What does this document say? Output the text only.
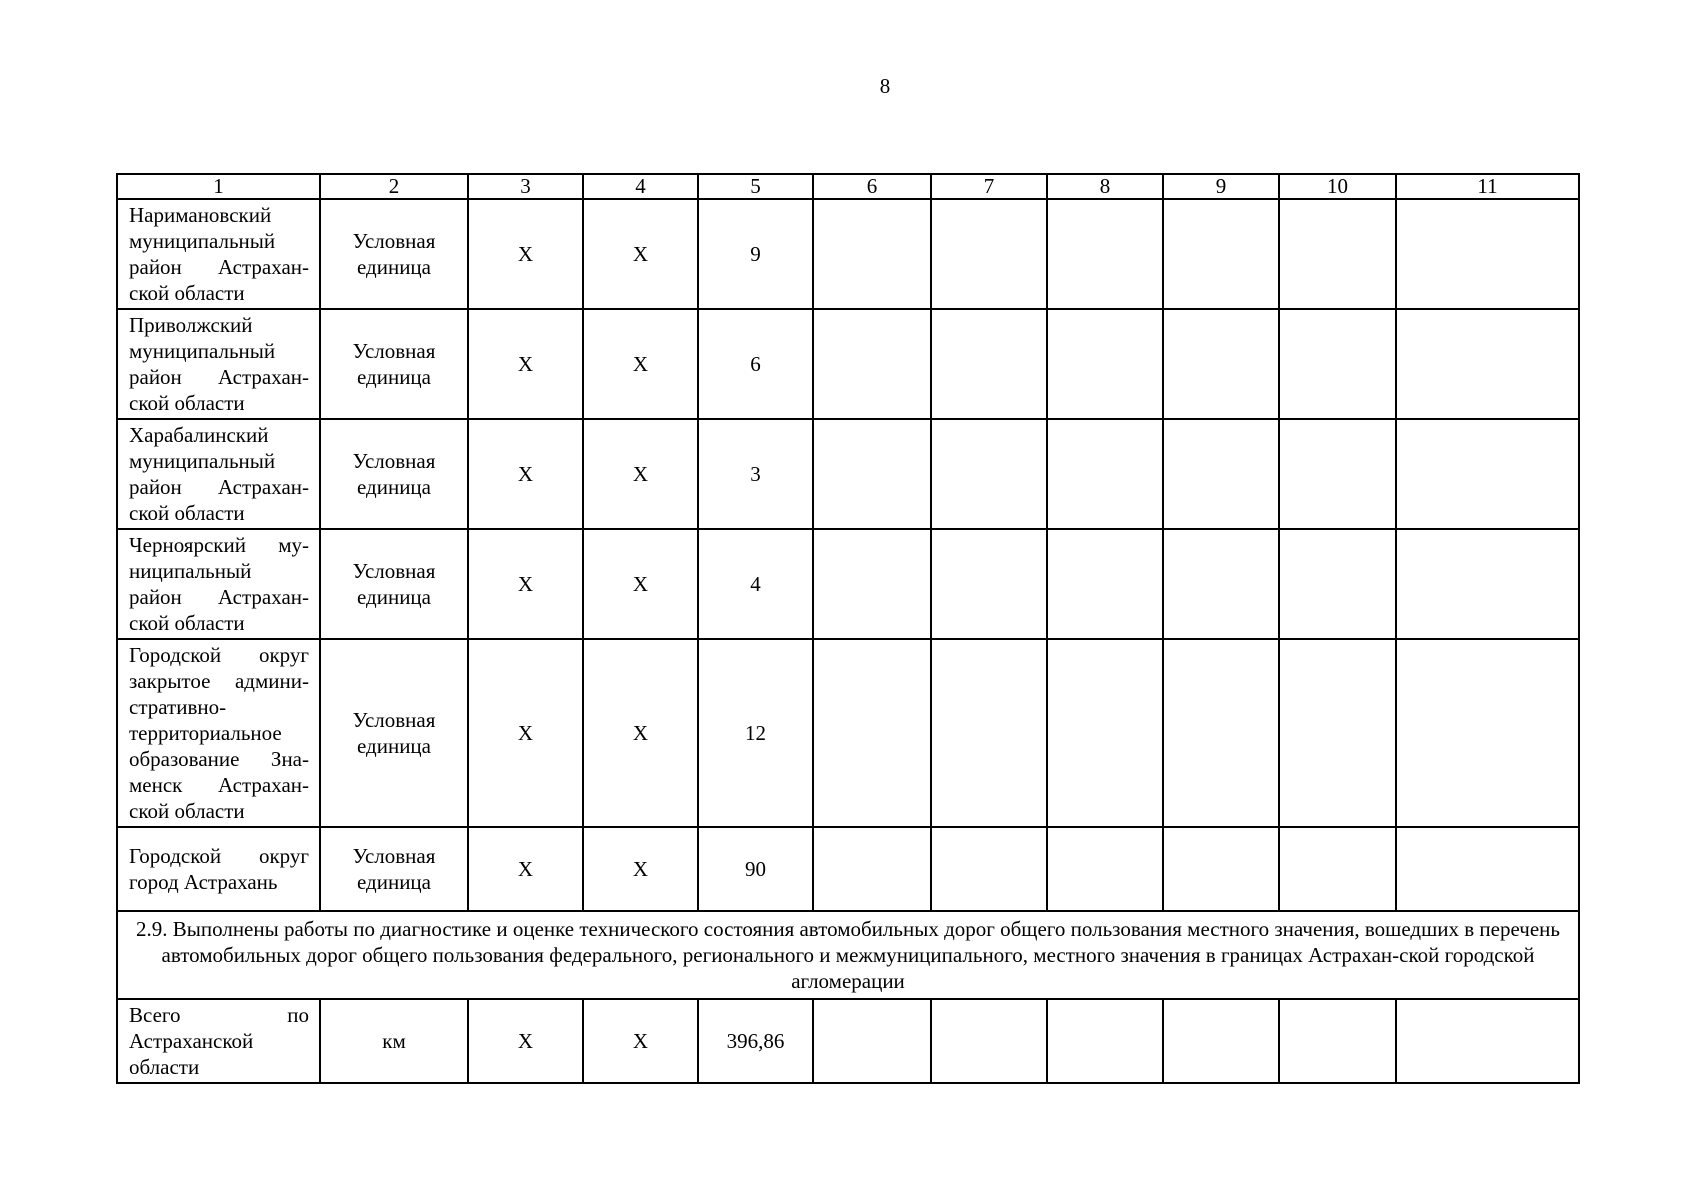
8
1	2	3	4	5	6	7	8	9	10	11
Наримановский муниципальный район Астрахан-ской области	Условная единица	Х	Х	9						
Приволжский муниципальный район Астрахан-ской области	Условная единица	Х	Х	6						
Харабалинский муниципальный район Астрахан-ской области	Условная единица	Х	Х	3						
Черноярский му-ниципальный район Астрахан-ской области	Условная единица	Х	Х	4						
Городской округ закрытое админи-стративно-территориальное образование Зна-менск Астрахан-ской области	Условная единица	Х	Х	12						
Городской округ город Астрахань	Условная единица	Х	Х	90						
2.9. Выполнены работы по диагностике и оценке технического состояния автомобильных дорог общего пользования местного значения, вошедших в перечень автомобильных дорог общего пользования федерального, регионального и межмуниципального, местного значения в границах Астрахан-ской городской агломерации										
Всего по Астраханской области	км	Х	Х	396,86						
